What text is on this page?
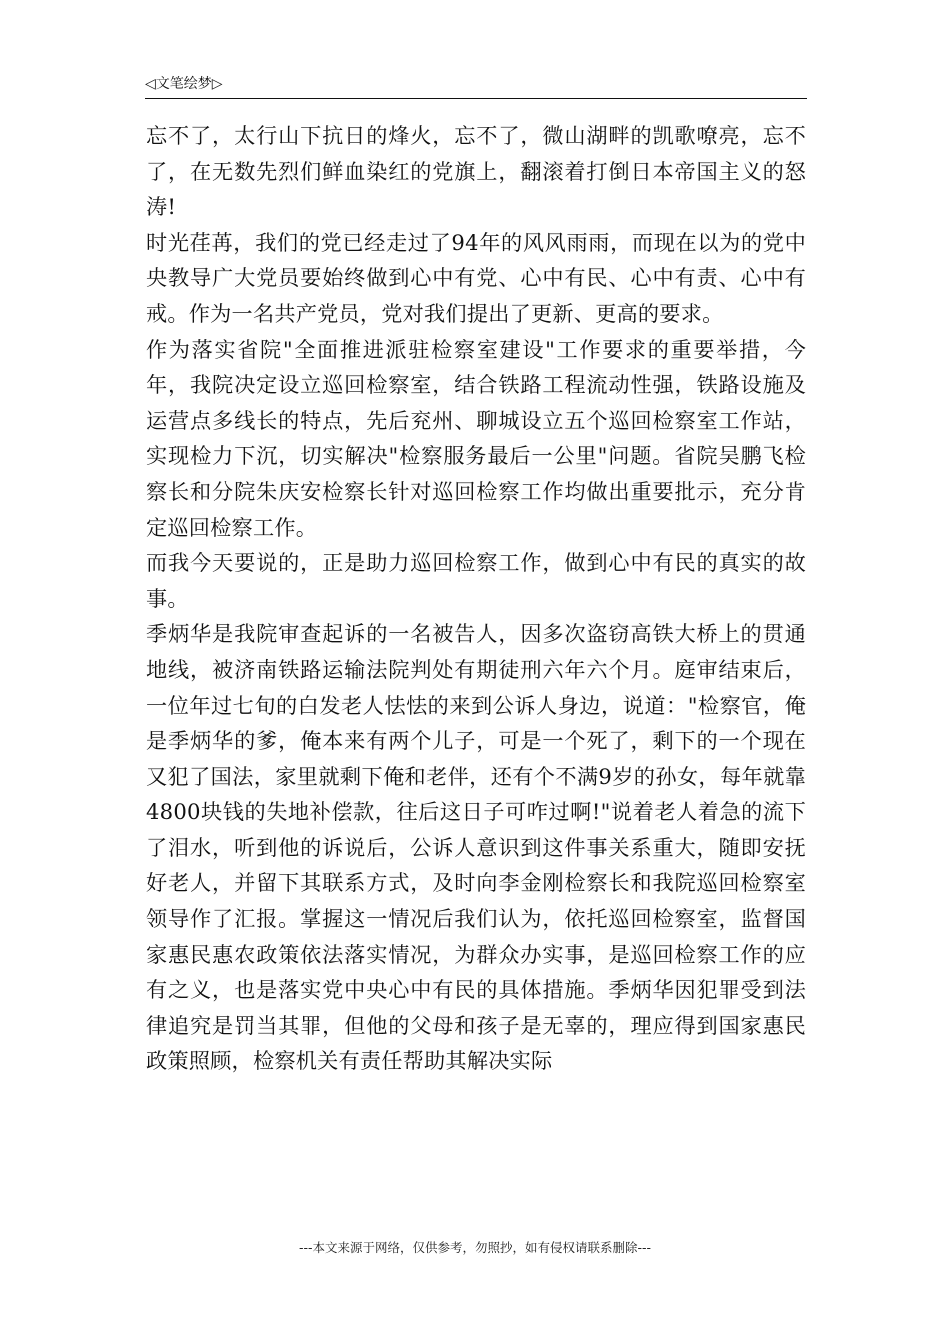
◁文笔绘梦▷

忘不了，太行山下抗日的烽火，忘不了，微山湖畔的凯歌嘹亮，忘不了，在无数先烈们鲜血染红的党旗上，翻滚着打倒日本帝国主义的怒涛!

时光荏苒，我们的党已经走过了94年的风风雨雨，而现在以为的党中央教导广大党员要始终做到心中有党、心中有民、心中有责、心中有戒。作为一名共产党员，党对我们提出了更新、更高的要求。

作为落实省院"全面推进派驻检察室建设"工作要求的重要举措，今年，我院决定设立巡回检察室，结合铁路工程流动性强，铁路设施及运营点多线长的特点，先后兖州、聊城设立五个巡回检察室工作站，实现检力下沉，切实解决"检察服务最后一公里"问题。省院吴鹏飞检察长和分院朱庆安检察长针对巡回检察工作均做出重要批示，充分肯定巡回检察工作。

而我今天要说的，正是助力巡回检察工作，做到心中有民的真实的故事。

季炳华是我院审查起诉的一名被告人，因多次盗窃高铁大桥上的贯通地线，被济南铁路运输法院判处有期徒刑六年六个月。庭审结束后，一位年过七旬的白发老人怯怯的来到公诉人身边，说道："检察官，俺是季炳华的爹，俺本来有两个儿子，可是一个死了，剩下的一个现在又犯了国法，家里就剩下俺和老伴，还有个不满9岁的孙女，每年就靠4800块钱的失地补偿款，往后这日子可咋过啊!"说着老人着急的流下了泪水，听到他的诉说后，公诉人意识到这件事关系重大，随即安抚好老人，并留下其联系方式，及时向李金刚检察长和我院巡回检察室领导作了汇报。掌握这一情况后我们认为，依托巡回检察室，监督国家惠民惠农政策依法落实情况，为群众办实事，是巡回检察工作的应有之义，也是落实党中央心中有民的具体措施。季炳华因犯罪受到法律追究是罚当其罪，但他的父母和孩子是无辜的，理应得到国家惠民政策照顾，检察机关有责任帮助其解决实际

---本文来源于网络，仅供参考，勿照抄，如有侵权请联系删除---
